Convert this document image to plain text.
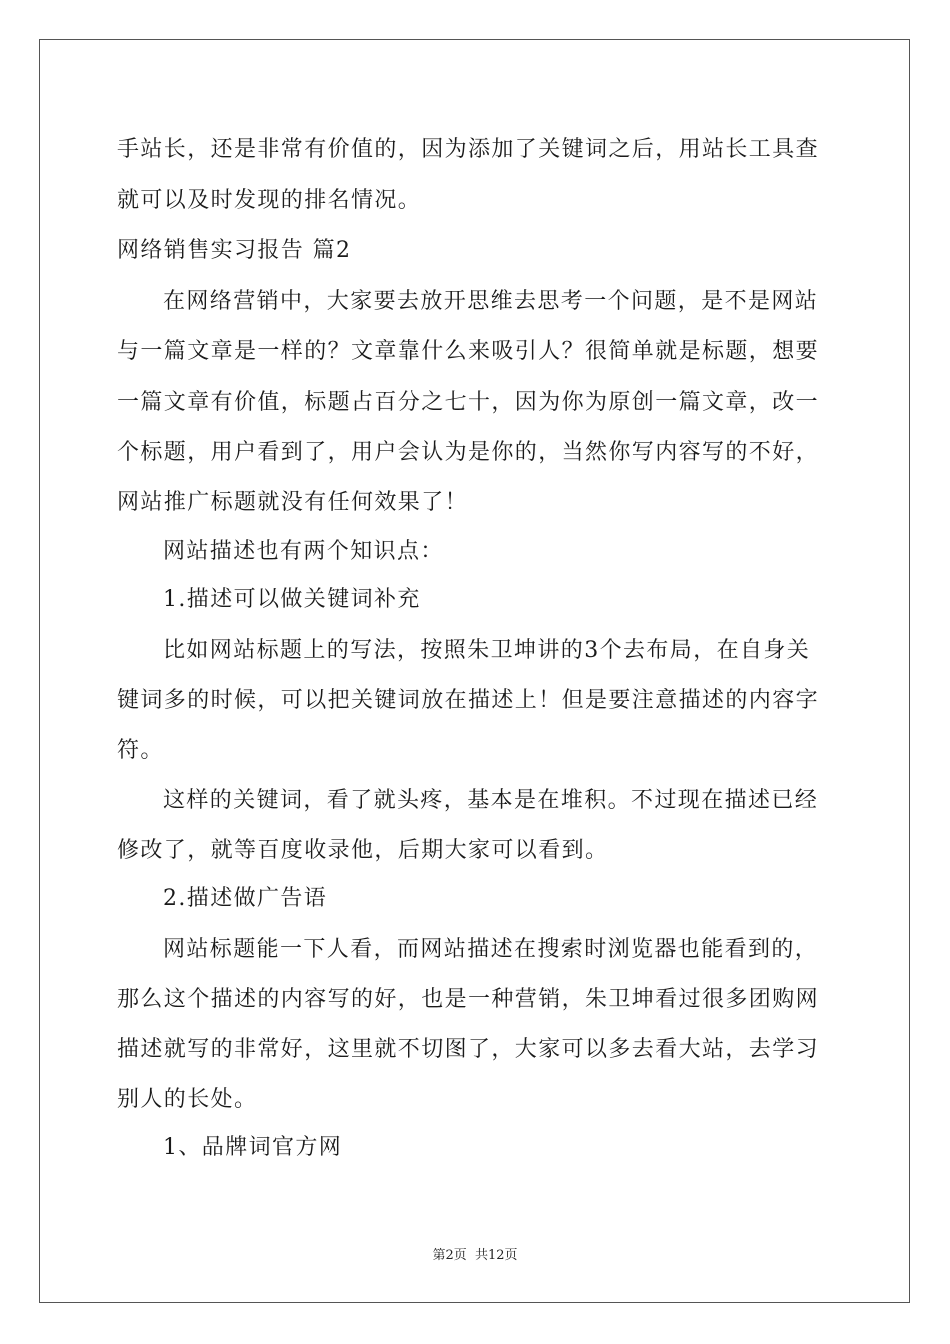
手站长，还是非常有价值的，因为添加了关键词之后，用站长工具查
就可以及时发现的排名情况。
网络销售实习报告 篇2
在网络营销中，大家要去放开思维去思考一个问题，是不是网站
与一篇文章是一样的？文章靠什么来吸引人？很简单就是标题，想要
一篇文章有价值，标题占百分之七十，因为你为原创一篇文章，改一
个标题，用户看到了，用户会认为是你的，当然你写内容写的不好，
网站推广标题就没有任何效果了！
网站描述也有两个知识点：
1.描述可以做关键词补充
比如网站标题上的写法，按照朱卫坤讲的3个去布局，在自身关
键词多的时候，可以把关键词放在描述上！但是要注意描述的内容字
符。
这样的关键词，看了就头疼，基本是在堆积。不过现在描述已经
修改了，就等百度收录他，后期大家可以看到。
2.描述做广告语
网站标题能一下人看，而网站描述在搜索时浏览器也能看到的，
那么这个描述的内容写的好，也是一种营销，朱卫坤看过很多团购网
描述就写的非常好，这里就不切图了，大家可以多去看大站，去学习
别人的长处。
1、品牌词官方网
第2页 共12页
